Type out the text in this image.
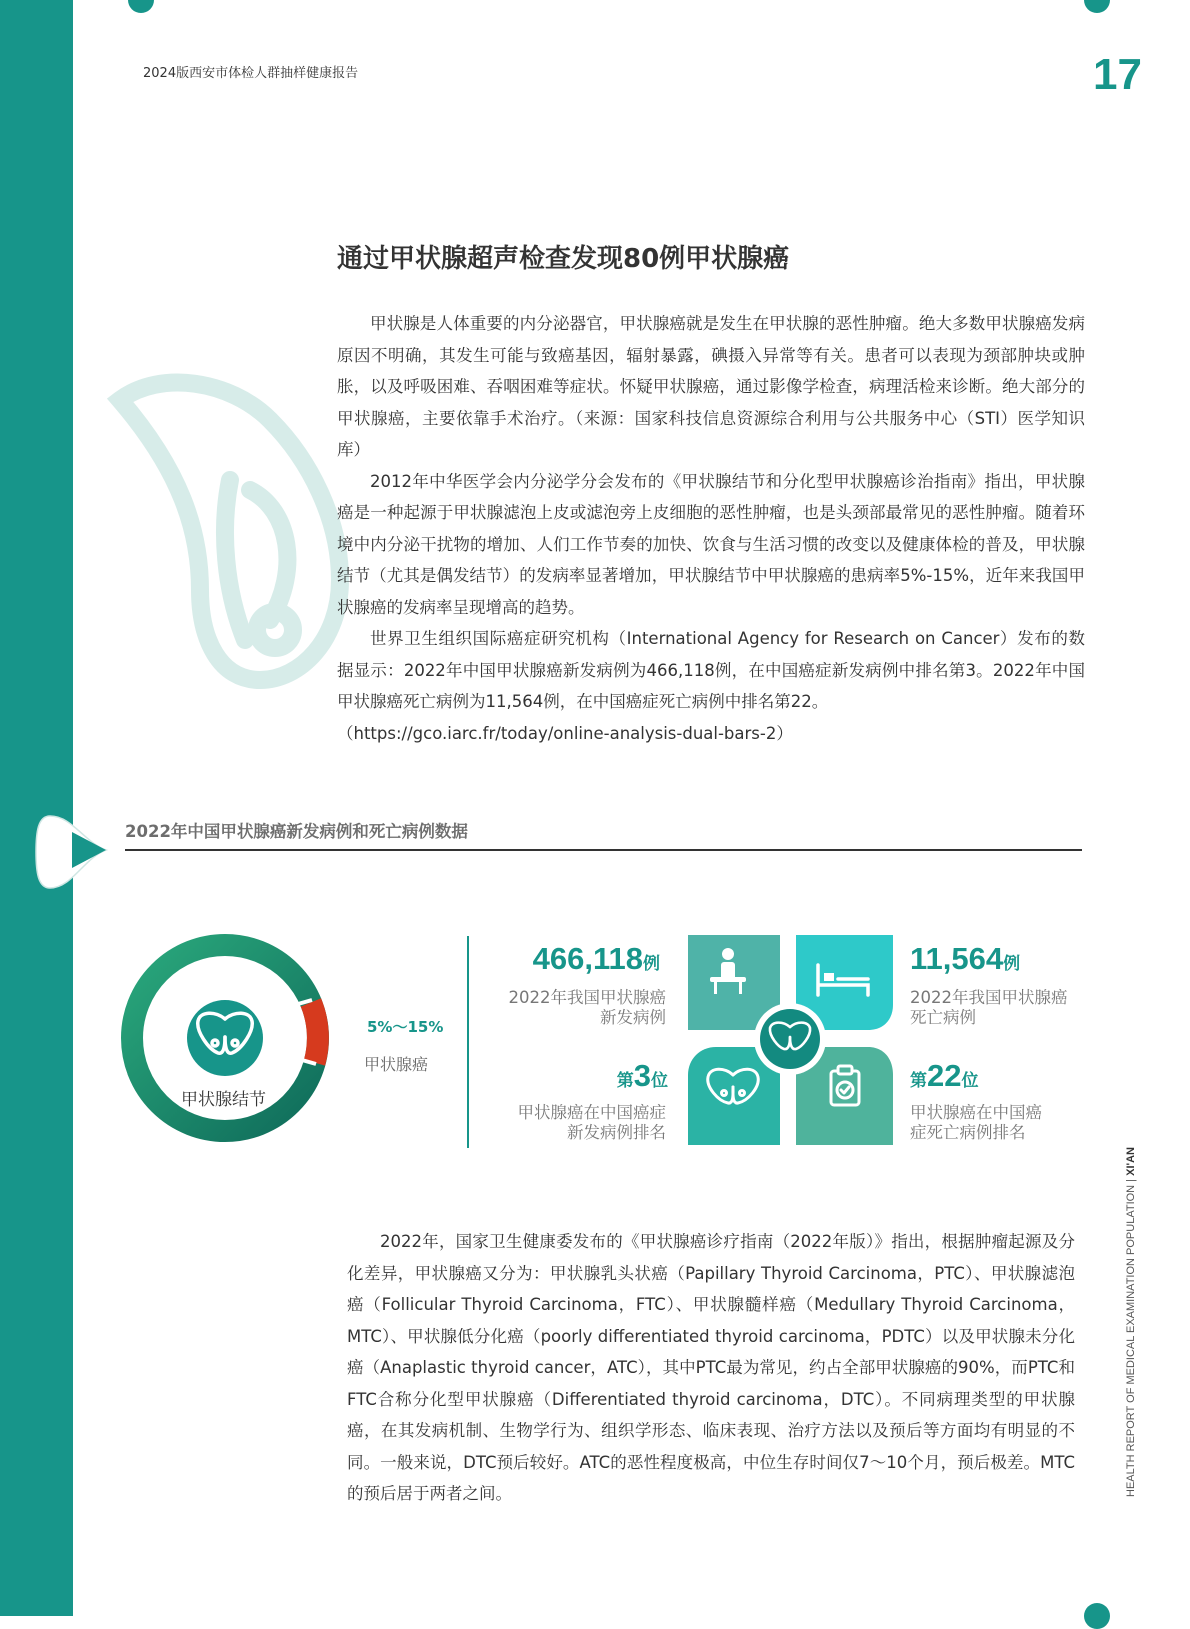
2024版西安市体检人群抽样健康报告	17
通过甲状腺超声检查发现80例甲状腺癌

甲状腺是人体重要的内分泌器官，甲状腺癌就是发生在甲状腺的恶性肿瘤。绝大多数甲状腺癌发病原因不明确，其发生可能与致癌基因，辐射暴露，碘摄入异常等有关。患者可以表现为颈部肿块或肿胀，以及呼吸困难、吞咽困难等症状。怀疑甲状腺癌，通过影像学检查，病理活检来诊断。绝大部分的甲状腺癌，主要依靠手术治疗。（来源：国家科技信息资源综合利用与公共服务中心（STI）医学知识库）

2012年中华医学会内分泌学分会发布的《甲状腺结节和分化型甲状腺癌诊治指南》指出，甲状腺癌是一种起源于甲状腺滤泡上皮或滤泡旁上皮细胞的恶性肿瘤，也是头颈部最常见的恶性肿瘤。随着环境中内分泌干扰物的增加、人们工作节奏的加快、饮食与生活习惯的改变以及健康体检的普及，甲状腺结节（尤其是偶发结节）的发病率显著增加，甲状腺结节中甲状腺癌的患病率5%-15%，近年来我国甲状腺癌的发病率呈现增高的趋势。

世界卫生组织国际癌症研究机构（International Agency for Research on Cancer）发布的数据显示：2022年中国甲状腺癌新发病例为466,118例，在中国癌症新发病例中排名第3。2022年中国甲状腺癌死亡病例为11,564例，在中国癌症死亡病例中排名第22。

（https://gco.iarc.fr/today/online-analysis-dual-bars-2）

2022年中国甲状腺癌新发病例和死亡病例数据
甲状腺结节
5%～15%
甲状腺癌
466,118例
2022年我国甲状腺癌
新发病例
第3位
甲状腺癌在中国癌症
新发病例排名
11,564例
2022年我国甲状腺癌
死亡病例
第22位
甲状腺癌在中国癌
症死亡病例排名

2022年，国家卫生健康委发布的《甲状腺癌诊疗指南（2022年版）》指出，根据肿瘤起源及分化差异，甲状腺癌又分为：甲状腺乳头状癌（Papillary Thyroid Carcinoma，PTC）、甲状腺滤泡癌（Follicular Thyroid Carcinoma，FTC）、甲状腺髓样癌（Medullary Thyroid Carcinoma，MTC）、甲状腺低分化癌（poorly differentiated thyroid carcinoma，PDTC）以及甲状腺未分化癌（Anaplastic thyroid cancer，ATC），其中PTC最为常见，约占全部甲状腺癌的90%，而PTC和FTC合称分化型甲状腺癌（Differentiated thyroid carcinoma，DTC）。不同病理类型的甲状腺癌，在其发病机制、生物学行为、组织学形态、临床表现、治疗方法以及预后等方面均有明显的不同。一般来说，DTC预后较好。ATC的恶性程度极高，中位生存时间仅7～10个月，预后极差。MTC的预后居于两者之间。	HEALTH REPORT OF MEDICAL EXAMINATION POPULATION | XI'AN
